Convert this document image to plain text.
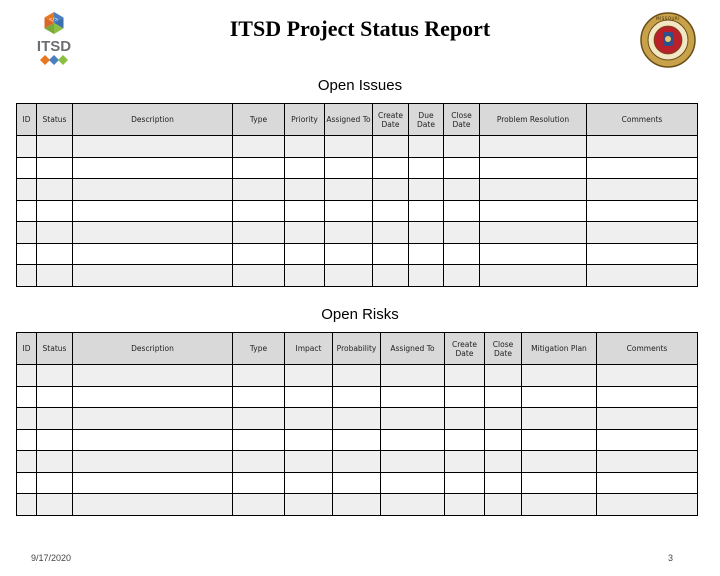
</>
ITSD
ITSD Project Status Report	MISSOURI
Open Issues
ID	Status	Description	Type	Priority	Assigned To	Create Date	Due Date	Close Date	Problem Resolution	Comments

Open Risks
ID	Status	Description	Type	Impact	Probability	Assigned To	Create Date	Close Date	Mitigation Plan	Comments

9/17/2020	3
